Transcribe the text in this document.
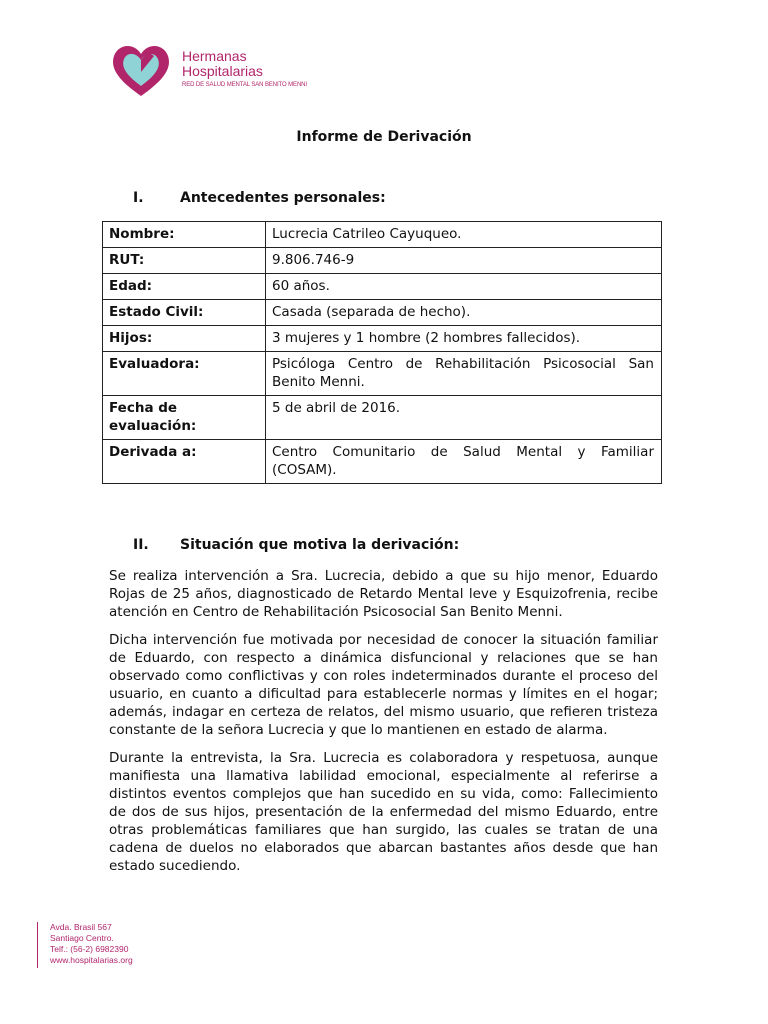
Hermanas
Hospitalarias
RED DE SALUD MENTAL SAN BENITO MENNI
Informe de Derivación
I.	Antecedentes personales:
Nombre:	Lucrecia Catrileo Cayuqueo.
RUT:	9.806.746-9
Edad:	60 años.
Estado Civil:	Casada (separada de hecho).
Hijos:	3 mujeres y 1 hombre (2 hombres fallecidos).
Evaluadora:	Psicóloga Centro de Rehabilitación Psicosocial San Benito Menni.
Fecha de evaluación:	5 de abril de 2016.
Derivada a:	Centro Comunitario de Salud Mental y Familiar (COSAM).
II. Situación que motiva la derivación:

Se realiza intervención a Sra. Lucrecia, debido a que su hijo menor, Eduardo Rojas de 25 años, diagnosticado de Retardo Mental leve y Esquizofrenia, recibe atención en Centro de Rehabilitación Psicosocial San Benito Menni.

Dicha intervención fue motivada por necesidad de conocer la situación familiar de Eduardo, con respecto a dinámica disfuncional y relaciones que se han observado como conflictivas y con roles indeterminados durante el proceso del usuario, en cuanto a dificultad para establecerle normas y límites en el hogar; además, indagar en certeza de relatos, del mismo usuario, que refieren tristeza constante de la señora Lucrecia y que lo mantienen en estado de alarma.

Durante la entrevista, la Sra. Lucrecia es colaboradora y respetuosa, aunque manifiesta una llamativa labilidad emocional, especialmente al referirse a distintos eventos complejos que han sucedido en su vida, como: Fallecimiento de dos de sus hijos, presentación de la enfermedad del mismo Eduardo, entre otras problemáticas familiares que han surgido, las cuales se tratan de una cadena de duelos no elaborados que abarcan bastantes años desde que han estado sucediendo.

Avda. Brasil 567
Santiago Centro.
Telf.: (56-2) 6982390
www.hospitalarias.org
